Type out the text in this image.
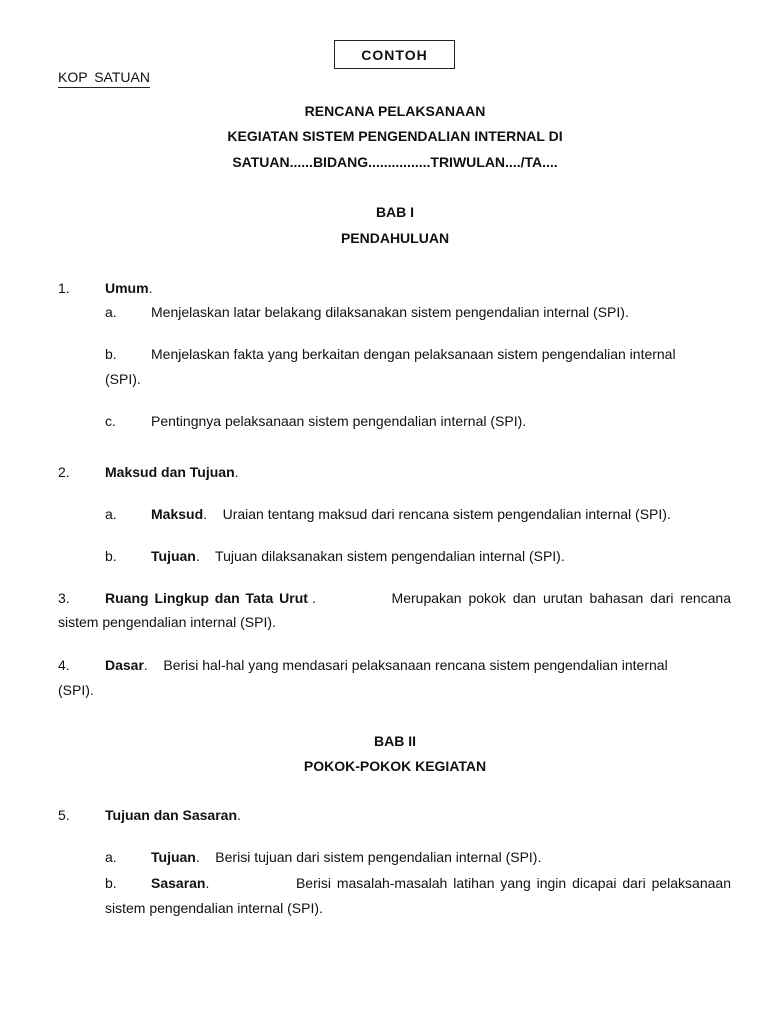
CONTOH
KOP SATUAN
RENCANA PELAKSANAAN
KEGIATAN SISTEM PENGENDALIAN INTERNAL DI
SATUAN......BIDANG................TRIWULAN..../TA....
BAB I
PENDAHULUAN
1.	Umum.
a. Menjelaskan latar belakang dilaksanakan sistem pengendalian internal (SPI).
b. Menjelaskan fakta yang berkaitan dengan pelaksanaan sistem pengendalian internal
(SPI).
c.	Pentingnya pelaksanaan sistem pengendalian internal (SPI).
2.	Maksud dan Tujuan.
a. Maksud.    Uraian tentang maksud dari rencana sistem pengendalian internal (SPI).
b. Tujuan.    Tujuan dilaksanakan sistem pengendalian internal (SPI).
3.	Ruang Lingkup dan Tata Urut .	Merupakan pokok dan urutan bahasan dari rencana
sistem pengendalian internal (SPI).
4.	Dasar.    Berisi hal-hal yang mendasari pelaksanaan rencana sistem pengendalian internal
(SPI).
BAB II
POKOK-POKOK KEGIATAN
5.	Tujuan dan Sasaran.
a. Tujuan.    Berisi tujuan dari sistem pengendalian internal (SPI).
b. Sasaran.	Berisi masalah-masalah latihan yang ingin dicapai dari pelaksanaan
sistem pengendalian internal (SPI).
